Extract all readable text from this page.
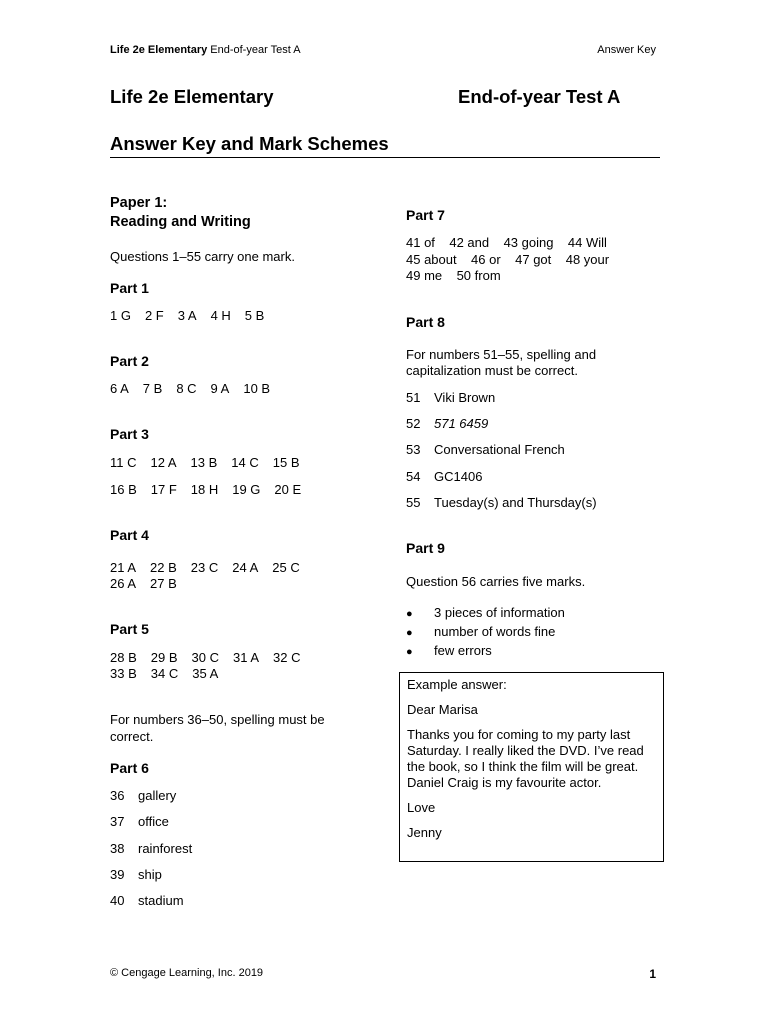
Life 2e Elementary End-of-year Test A	Answer Key
Life 2e Elementary	End-of-year Test A
Answer Key and Mark Schemes
Paper 1:
Reading and Writing
Questions 1–55 carry one mark.
Part 1
1 G 2 F 3 A 4 H 5 B
Part 2
6 A 7 B 8 C 9 A 10 B
Part 3
11 C 12 A 13 B 14 C 15 B
16 B 17 F 18 H 19 G 20 E
Part 4
21 A 22 B 23 C 24 A 25 C
26 A 27 B
Part 5
28 B 29 B 30 C 31 A 32 C
33 B 34 C 35 A
For numbers 36–50, spelling must be
correct.
Part 6
36 gallery
37 office
38 rainforest
39 ship
40 stadium
Part 7
41 of    42 and    43 going    44 Will
45 about    46 or    47 got    48 your
49 me    50 from
Part 8
For numbers 51–55, spelling and
capitalization must be correct.
51 Viki Brown
52 571 6459
53 Conversational French
54 GC1406
55 Tuesday(s) and Thursday(s)
Part 9
Question 56 carries five marks.
● 3 pieces of information
● number of words fine
● few errors

Example answer:

Dear Marisa

Thanks you for coming to my party last Saturday. I really liked the DVD. I’ve read the book, so I think the film will be great. Daniel Craig is my favourite actor.

Love

Jenny

© Cengage Learning, Inc. 2019	1
